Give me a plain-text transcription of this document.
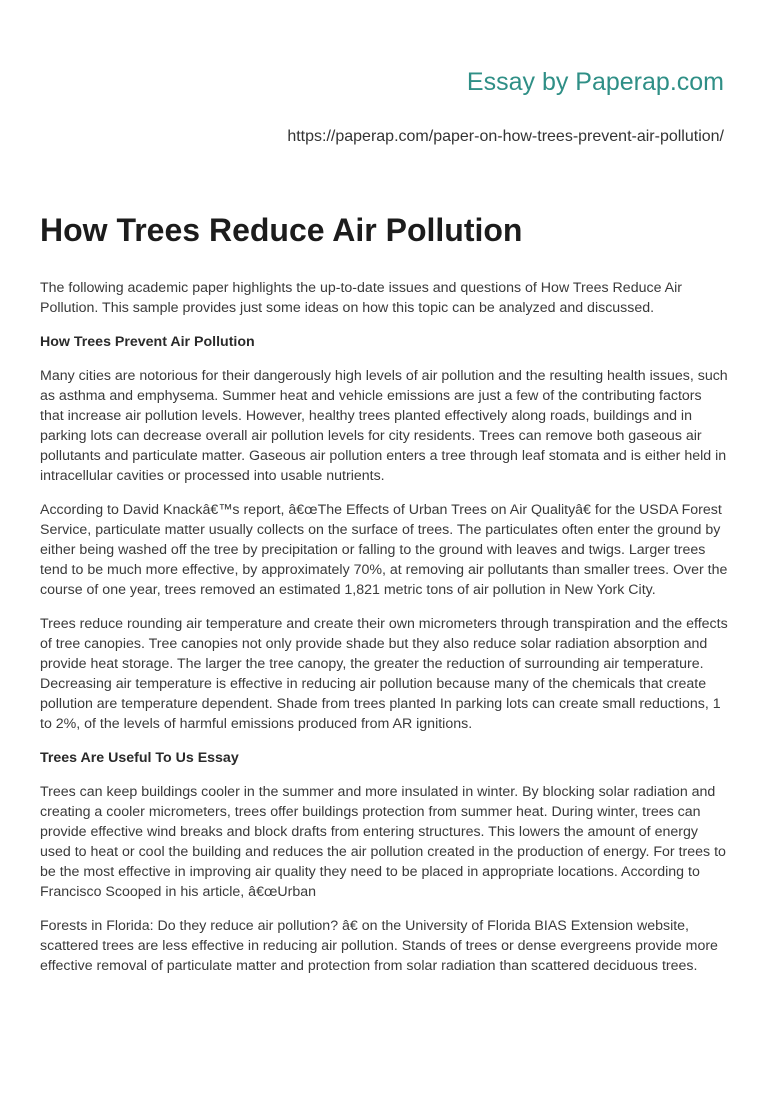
Essay by Paperap.com
https://paperap.com/paper-on-how-trees-prevent-air-pollution/
How Trees Reduce Air Pollution

The following academic paper highlights the up-to-date issues and questions of How Trees Reduce Air Pollution. This sample provides just some ideas on how this topic can be analyzed and discussed.

How Trees Prevent Air Pollution

Many cities are notorious for their dangerously high levels of air pollution and the resulting health issues, such as asthma and emphysema. Summer heat and vehicle emissions are just a few of the contributing factors that increase air pollution levels. However, healthy trees planted effectively along roads, buildings and in parking lots can decrease overall air pollution levels for city residents. Trees can remove both gaseous air pollutants and particulate matter. Gaseous air pollution enters a tree through leaf stomata and is either held in intracellular cavities or processed into usable nutrients.

According to David Knackâ€™s report, â€œThe Effects of Urban Trees on Air Qualityâ€ for the USDA Forest Service, particulate matter usually collects on the surface of trees. The particulates often enter the ground by either being washed off the tree by precipitation or falling to the ground with leaves and twigs. Larger trees tend to be much more effective, by approximately 70%, at removing air pollutants than smaller trees. Over the course of one year, trees removed an estimated 1,821 metric tons of air pollution in New York City.

Trees reduce rounding air temperature and create their own micrometers through transpiration and the effects of tree canopies. Tree canopies not only provide shade but they also reduce solar radiation absorption and provide heat storage. The larger the tree canopy, the greater the reduction of surrounding air temperature. Decreasing air temperature is effective in reducing air pollution because many of the chemicals that create pollution are temperature dependent. Shade from trees planted In parking lots can create small reductions, 1 to 2%, of the levels of harmful emissions produced from AR ignitions.

Trees Are Useful To Us Essay

Trees can keep buildings cooler in the summer and more insulated in winter. By blocking solar radiation and creating a cooler micrometers, trees offer buildings protection from summer heat. During winter, trees can provide effective wind breaks and block drafts from entering structures. This lowers the amount of energy used to heat or cool the building and reduces the air pollution created in the production of energy. For trees to be the most effective in improving air quality they need to be placed in appropriate locations. According to Francisco Scooped in his article, â€œUrban

Forests in Florida: Do they reduce air pollution? â€ on the University of Florida BIAS Extension website, scattered trees are less effective in reducing air pollution. Stands of trees or dense evergreens provide more effective removal of particulate matter and protection from solar radiation than scattered deciduous trees.
